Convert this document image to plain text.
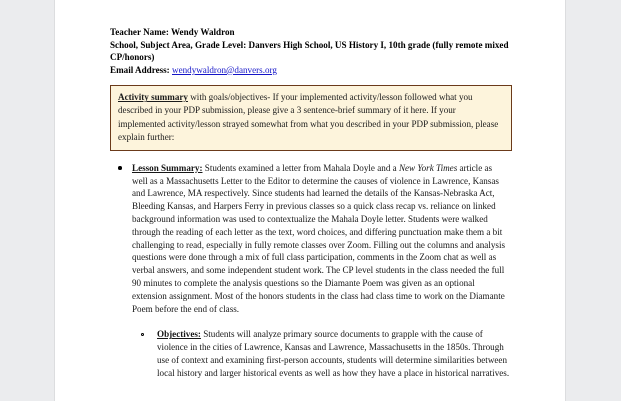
Teacher Name: Wendy Waldron
School, Subject Area, Grade Level: Danvers High School, US History I, 10th grade (fully remote mixed CP/honors)
Email Address: wendywaldron@danvers.org
Activity summary with goals/objectives- If your implemented activity/lesson followed what you described in your PDP submission, please give a 3 sentence-brief summary of it here. If your implemented activity/lesson strayed somewhat from what you described in your PDP submission, please explain further:
Lesson Summary: Students examined a letter from Mahala Doyle and a New York Times article as well as a Massachusetts Letter to the Editor to determine the causes of violence in Lawrence, Kansas and Lawrence, MA respectively. Since students had learned the details of the Kansas-Nebraska Act, Bleeding Kansas, and Harpers Ferry in previous classes so a quick class recap vs. reliance on linked background information was used to contextualize the Mahala Doyle letter. Students were walked through the reading of each letter as the text, word choices, and differing punctuation make them a bit challenging to read, especially in fully remote classes over Zoom. Filling out the columns and analysis questions were done through a mix of full class participation, comments in the Zoom chat as well as verbal answers, and some independent student work. The CP level students in the class needed the full 90 minutes to complete the analysis questions so the Diamante Poem was given as an optional extension assignment. Most of the honors students in the class had class time to work on the Diamante Poem before the end of class.
Objectives: Students will analyze primary source documents to grapple with the cause of violence in the cities of Lawrence, Kansas and Lawrence, Massachusetts in the 1850s. Through use of context and examining first-person accounts, students will determine similarities between local history and larger historical events as well as how they have a place in historical narratives.
